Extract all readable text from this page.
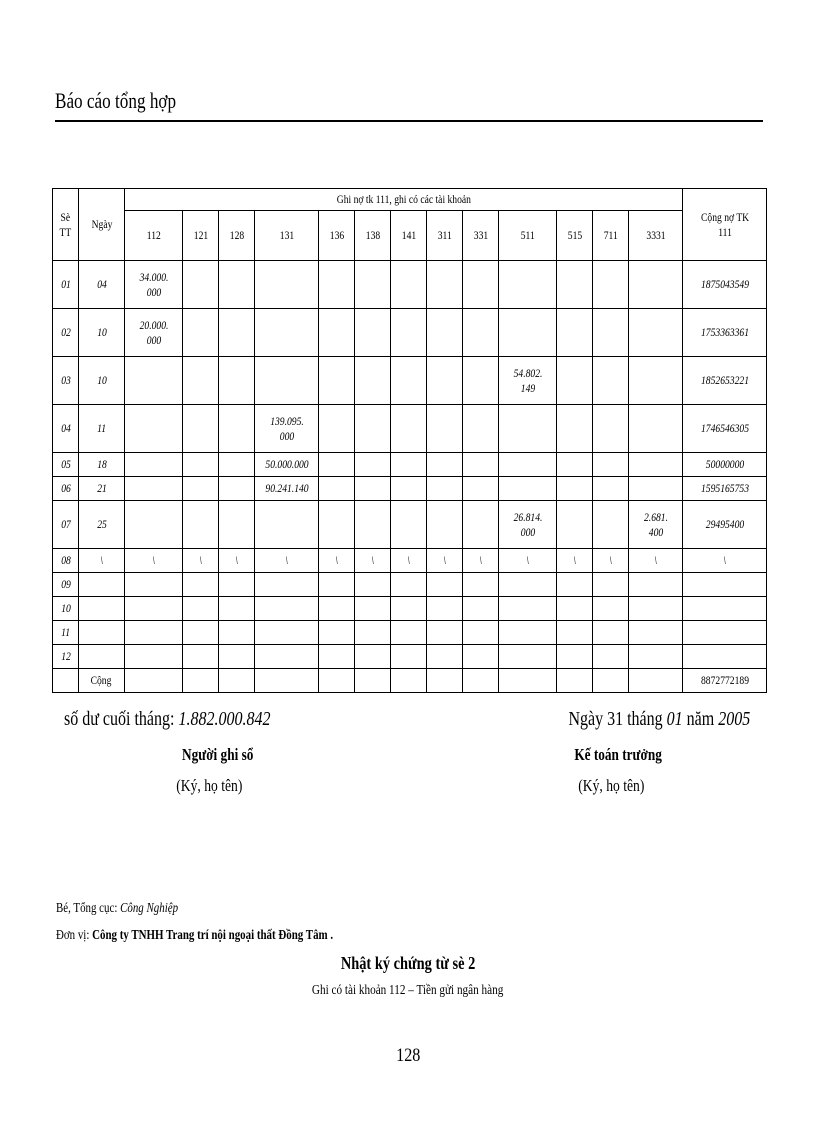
Báo cáo tổng hợp
Sè
TT	Ngày	Ghi nợ tk 111, ghi có các tài khoản													Cộng nợ TK
111
		112	121	128	131	136	138	141	311	331	511	515	711	3331	
01	04	34.000.
000													1875043549
02	10	20.000.
000													1753363361
03	10										54.802.
149				1852653221
04	11				139.095.
000										1746546305
05	18				50.000.000										50000000
06	21				90.241.140										1595165753
07	25										26.814.
000			2.681.
400	29495400
08	\	\	\	\	\	\	\	\	\	\	\	\	\	\	\
09															
10															
11															
12															
	Cộng														8872772189
số dư cuối tháng: 1.882.000.842	Ngày 31 tháng 01 năm 2005
Người ghi sổ
(Ký, họ tên)
Kế toán trưởng
(Ký, họ tên)
Bé, Tổng cục: Công Nghiệp
Đơn vị: Công ty TNHH Trang trí nội ngoại thất Đồng Tâm .
Nhật ký chứng từ sè 2
Ghi có tài khoản 112 – Tiền gửi ngân hàng
128
